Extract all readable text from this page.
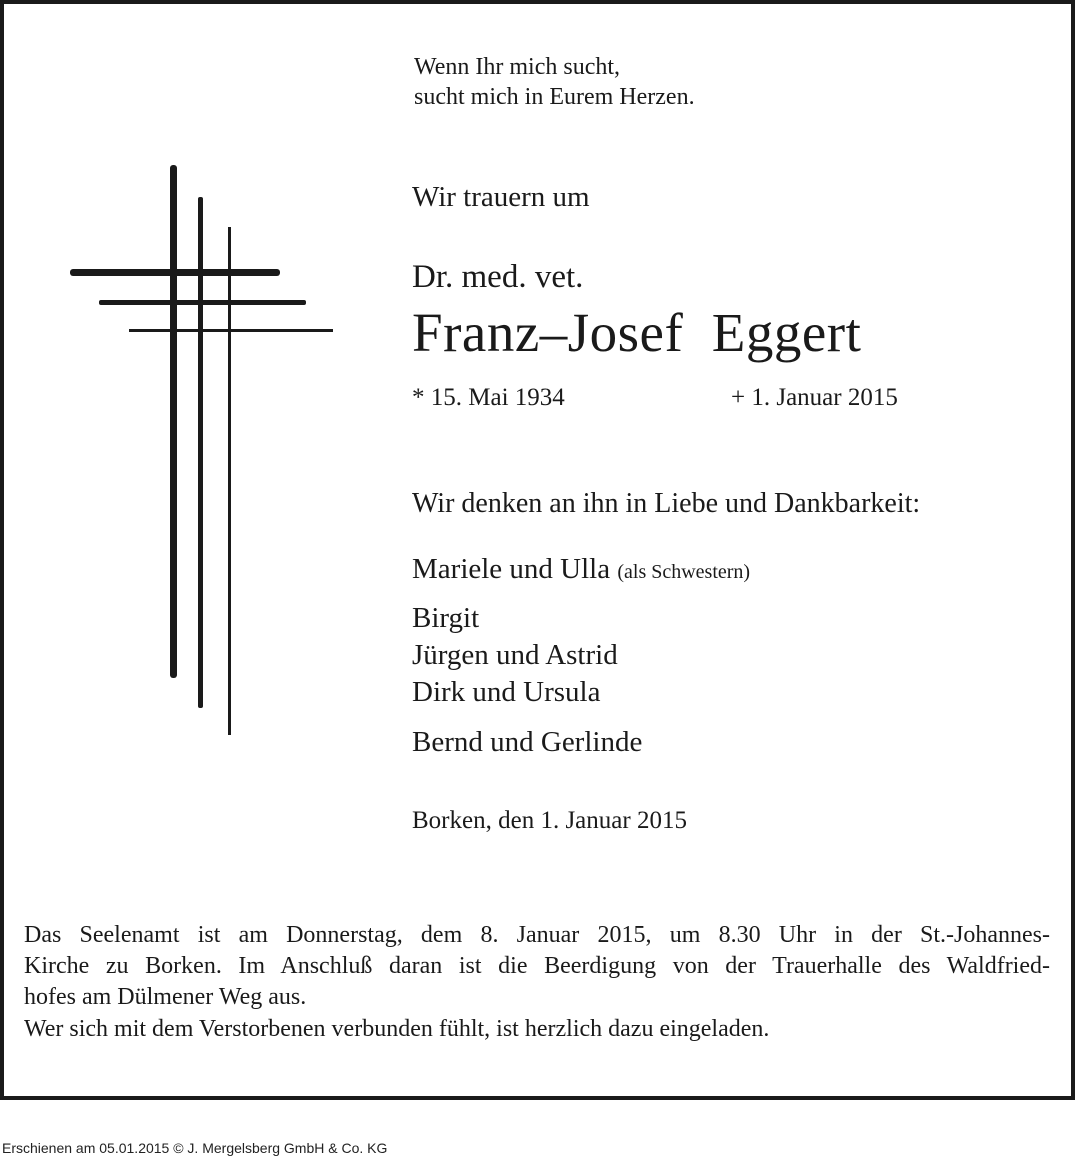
Wenn Ihr mich sucht,
sucht mich in Eurem Herzen.
Wir trauern um
Dr. med. vet.
Franz–Josef  Eggert
* 15. Mai 1934	+ 1. Januar 2015
Wir denken an ihn in Liebe und Dankbarkeit:
Mariele und Ulla (als Schwestern)
Birgit
Jürgen und Astrid
Dirk und Ursula
Bernd und Gerlinde
Borken, den 1. Januar 2015
Das Seelenamt ist am Donnerstag, dem 8. Januar 2015, um 8.30 Uhr in der St.-Johannes-
Kirche zu Borken. Im Anschluß daran ist die Beerdigung von der Trauerhalle des Waldfried-
hofes am Dülmener Weg aus.
Wer sich mit dem Verstorbenen verbunden fühlt, ist herzlich dazu eingeladen.
Erschienen am 05.01.2015 © J. Mergelsberg GmbH & Co. KG
